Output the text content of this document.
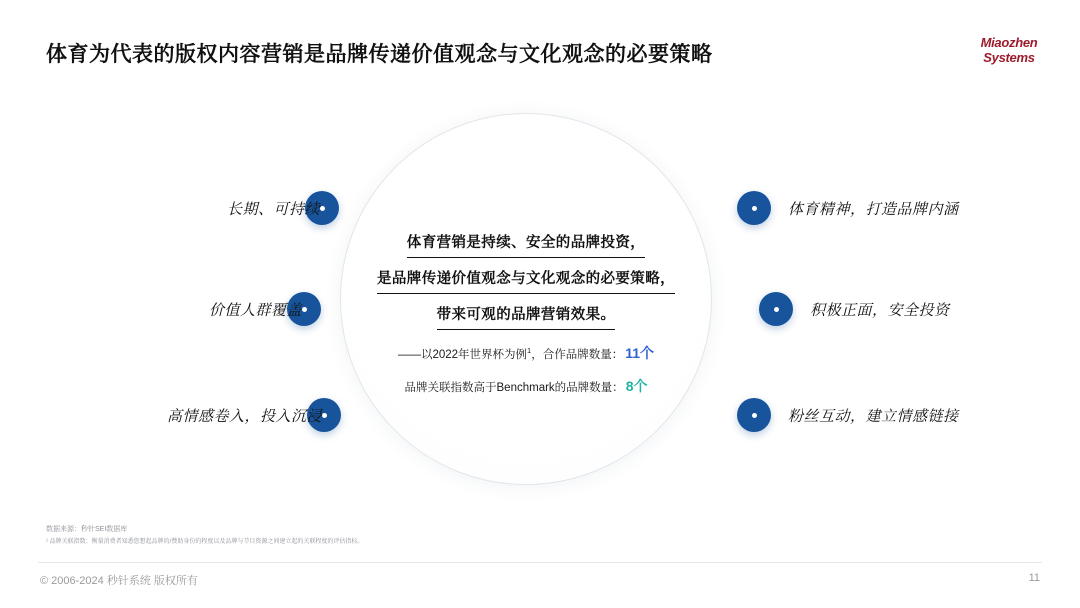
体育为代表的版权内容营销是品牌传递价值观念与文化观念的必要策略
Miaozhen
Systems
体育营销是持续、安全的品牌投资，
是品牌传递价值观念与文化观念的必要策略，
带来可观的品牌营销效果。
——以2022年世界杯为例$^1$，合作品牌数量： 11个
品牌关联指数高于Benchmark的品牌数量： 8个
长期、可持续
价值人群覆盖
高情感卷入，投入沉浸
体育精神，打造品牌内涵
积极正面，安全投资
粉丝互动，建立情感链接
数据来源：秒针SEI数据库
¹ 品牌关联指数：衡量消费者知悉您想起品牌的/赞助身份的程度以及品牌与节目资源之间建立起的关联程度的评估指标。
© 2006-2024 秒针系统 版权所有	11
